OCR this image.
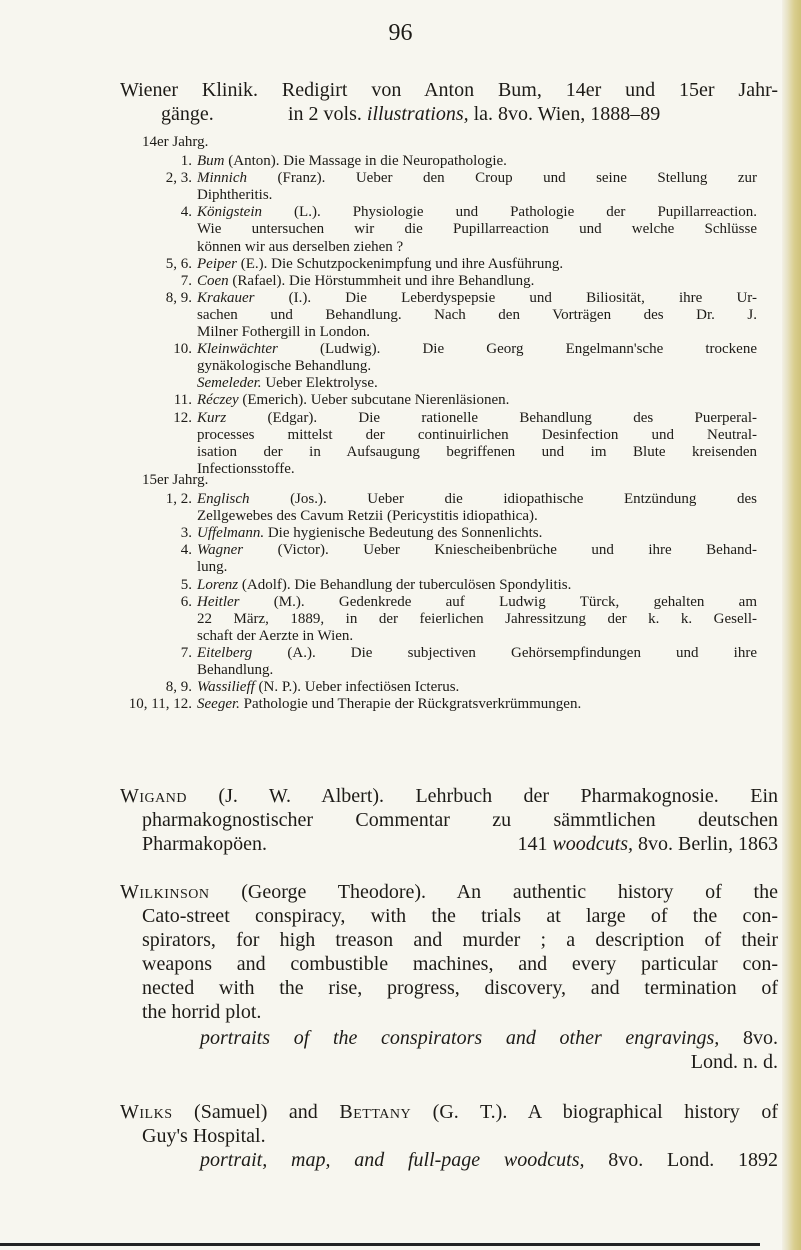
96
Wiener Klinik. Redigirt von Anton Bum, 14er und 15er Jahr-
gänge.	in 2 vols. illustrations, la. 8vo. Wien, 1888–89
14er Jahrg.
1. Bum (Anton). Die Massage in die Neuropathologie.
2, 3. Minnich (Franz). Ueber den Croup und seine Stellung zur
Diphtheritis.
4. Königstein (L.). Physiologie und Pathologie der Pupillarreaction.
Wie untersuchen wir die Pupillarreaction und welche Schlüsse
können wir aus derselben ziehen ?
5, 6. Peiper (E.). Die Schutzpockenimpfung und ihre Ausführung.
7. Coen (Rafael). Die Hörstummheit und ihre Behandlung.
8, 9. Krakauer (I.). Die Leberdyspepsie und Biliosität, ihre Ur-
sachen und Behandlung. Nach den Vorträgen des Dr. J.
Milner Fothergill in London.
10. Kleinwächter (Ludwig). Die Georg Engelmann'sche trockene
gynäkologische Behandlung.
Semeleder. Ueber Elektrolyse.
11. Réczey (Emerich). Ueber subcutane Nierenläsionen.
12. Kurz (Edgar). Die rationelle Behandlung des Puerperal-
processes mittelst der continuirlichen Desinfection und Neutral-
isation der in Aufsaugung begriffenen und im Blute kreisenden
Infectionsstoffe.
15er Jahrg.
1, 2. Englisch (Jos.). Ueber die idiopathische Entzündung des
Zellgewebes des Cavum Retzii (Pericystitis idiopathica).
3. Uffelmann. Die hygienische Bedeutung des Sonnenlichts.
4. Wagner (Victor). Ueber Kniescheibenbrüche und ihre Behand-
lung.
5. Lorenz (Adolf). Die Behandlung der tuberculösen Spondylitis.
6. Heitler (M.). Gedenkrede auf Ludwig Türck, gehalten am
22 März, 1889, in der feierlichen Jahressitzung der k. k. Gesell-
schaft der Aerzte in Wien.
7. Eitelberg (A.). Die subjectiven Gehörsempfindungen und ihre
Behandlung.
8, 9. Wassilieff (N. P.). Ueber infectiösen Icterus.
10, 11, 12. Seeger. Pathologie und Therapie der Rückgratsverkrümmungen.
Wigand (J. W. Albert). Lehrbuch der Pharmakognosie. Ein
pharmakognostischer Commentar zu sämmtlichen deutschen
Pharmakopöen.	141 woodcuts, 8vo. Berlin, 1863
Wilkinson (George Theodore). An authentic history of the
Cato-street conspiracy, with the trials at large of the con-
spirators, for high treason and murder ; a description of their
weapons and combustible machines, and every particular con-
nected with the rise, progress, discovery, and termination of
the horrid plot.
portraits of the conspirators and other engravings, 8vo.
Lond. n. d.
Wilks (Samuel) and Bettany (G. T.). A biographical history of
Guy's Hospital.
portrait, map, and full-page woodcuts, 8vo. Lond. 1892
